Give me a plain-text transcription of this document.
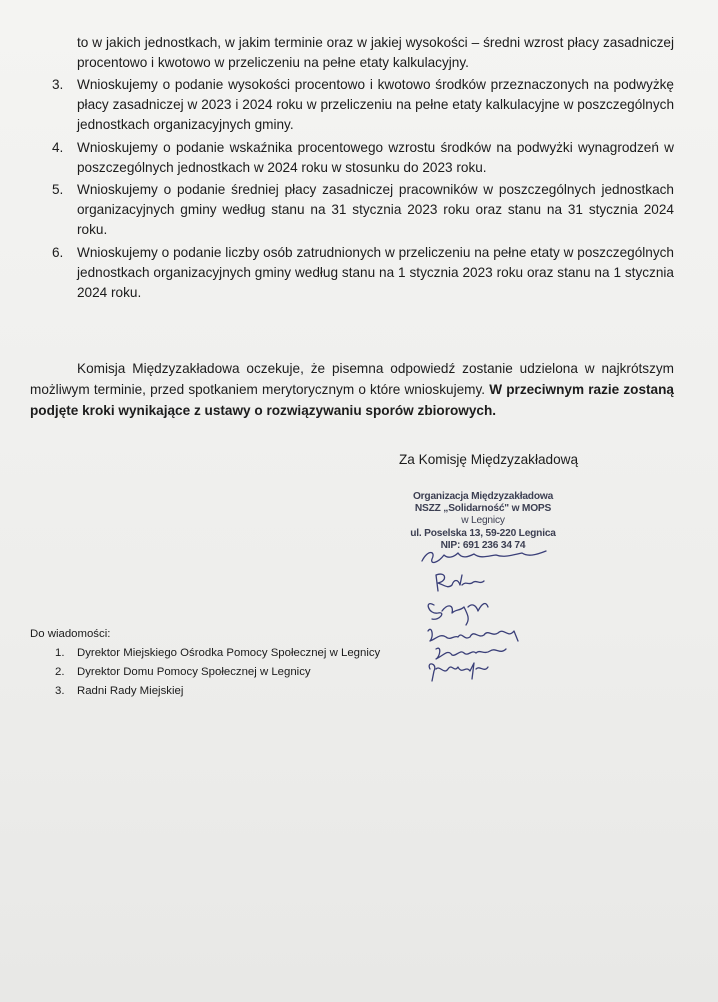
to w jakich jednostkach, w jakim terminie oraz w jakiej wysokości – średni wzrost płacy zasadniczej procentowo i kwotowo w przeliczeniu na pełne etaty kalkulacyjny.

3. Wnioskujemy o podanie wysokości procentowo i kwotowo środków przeznaczonych na podwyżkę płacy zasadniczej w 2023 i 2024 roku w przeliczeniu na pełne etaty kalkulacyjne w poszczególnych jednostkach organizacyjnych gminy.
4. Wnioskujemy o podanie wskaźnika procentowego wzrostu środków na podwyżki wynagrodzeń w poszczególnych jednostkach w 2024 roku w stosunku do 2023 roku.
5. Wnioskujemy o podanie średniej płacy zasadniczej pracowników w poszczególnych jednostkach organizacyjnych gminy według stanu na 31 stycznia 2023 roku oraz stanu na 31 stycznia 2024 roku.
6. Wnioskujemy o podanie liczby osób zatrudnionych w przeliczeniu na pełne etaty w poszczególnych jednostkach organizacyjnych gminy według stanu na 1 stycznia 2023 roku oraz stanu na 1 stycznia 2024 roku.

Komisja Międzyzakładowa oczekuje, że pisemna odpowiedź zostanie udzielona w najkrótszym możliwym terminie, przed spotkaniem merytorycznym o które wnioskujemy. W przeciwnym razie zostaną podjęte kroki wynikające z ustawy o rozwiązywaniu sporów zbiorowych.

Za Komisję Międzyzakładową
Organizacja Międzyzakładowa
NSZZ „Solidarność" w MOPS
w Legnicy
ul. Poselska 13, 59-220 Legnica
NIP: 691 236 34 74
Do wiadomości:
1. Dyrektor Miejskiego Ośrodka Pomocy Społecznej w Legnicy
2. Dyrektor Domu Pomocy Społecznej w Legnicy
3. Radni Rady Miejskiej
